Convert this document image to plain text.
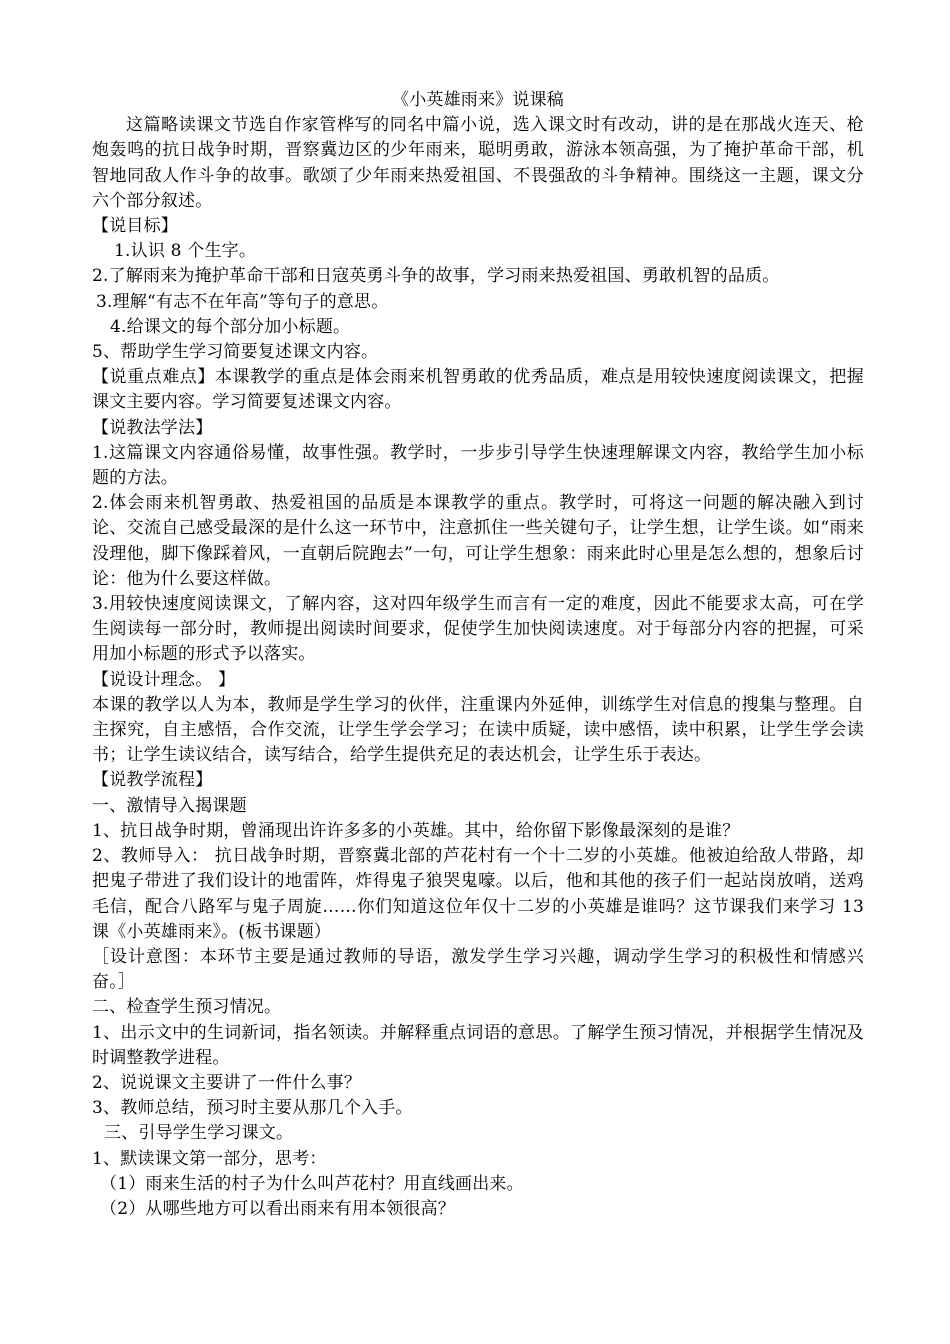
《小英雄雨来》说课稿

这篇略读课文节选自作家管桦写的同名中篇小说，选入课文时有改动，讲的是在那战火连天、枪炮轰鸣的抗日战争时期，晋察冀边区的少年雨来，聪明勇敢，游泳本领高强，为了掩护革命干部，机智地同敌人作斗争的故事。歌颂了少年雨来热爱祖国、不畏强敌的斗争精神。围绕这一主题，课文分六个部分叙述。

【说目标】

1.认识 8 个生字。

2.了解雨来为掩护革命干部和日寇英勇斗争的故事，学习雨来热爱祖国、勇敢机智的品质。

3.理解“有志不在年高”等句子的意思。

4.给课文的每个部分加小标题。

5、帮助学生学习简要复述课文内容。

【说重点难点】本课教学的重点是体会雨来机智勇敢的优秀品质，难点是用较快速度阅读课文，把握课文主要内容。学习简要复述课文内容。

【说教法学法】

1.这篇课文内容通俗易懂，故事性强。教学时，一步步引导学生快速理解课文内容，教给学生加小标题的方法。

2.体会雨来机智勇敢、热爱祖国的品质是本课教学的重点。教学时，可将这一问题的解决融入到讨论、交流自己感受最深的是什么这一环节中，注意抓住一些关键句子，让学生想，让学生谈。如“雨来没理他，脚下像踩着风，一直朝后院跑去”一句，可让学生想象：雨来此时心里是怎么想的，想象后讨论：他为什么要这样做。

3.用较快速度阅读课文，了解内容，这对四年级学生而言有一定的难度，因此不能要求太高，可在学生阅读每一部分时，教师提出阅读时间要求，促使学生加快阅读速度。对于每部分内容的把握，可采用加小标题的形式予以落实。

【说设计理念。 】

本课的教学以人为本，教师是学生学习的伙伴，注重课内外延伸，训练学生对信息的搜集与整理。自主探究，自主感悟，合作交流，让学生学会学习；在读中质疑，读中感悟，读中积累，让学生学会读书；让学生读议结合，读写结合，给学生提供充足的表达机会，让学生乐于表达。

【说教学流程】

一、激情导入揭课题

1、抗日战争时期，曾涌现出许许多多的小英雄。其中，给你留下影像最深刻的是谁？

2、教师导入： 抗日战争时期，晋察冀北部的芦花村有一个十二岁的小英雄。他被迫给敌人带路，却把鬼子带进了我们设计的地雷阵，炸得鬼子狼哭鬼嚎。以后，他和其他的孩子们一起站岗放哨，送鸡毛信，配合八路军与鬼子周旋……你们知道这位年仅十二岁的小英雄是谁吗？这节课我们来学习 13 课《小英雄雨来》。(板书课题）

［设计意图：本环节主要是通过教师的导语，激发学生学习兴趣，调动学生学习的积极性和情感兴奋。］

二、检查学生预习情况。

1、出示文中的生词新词，指名领读。并解释重点词语的意思。了解学生预习情况，并根据学生情况及时调整教学进程。

2、说说课文主要讲了一件什么事？

3、教师总结，预习时主要从那几个入手。

三、引导学生学习课文。

1、默读课文第一部分，思考：

（1）雨来生活的村子为什么叫芦花村？用直线画出来。

（2）从哪些地方可以看出雨来有用本领很高？
